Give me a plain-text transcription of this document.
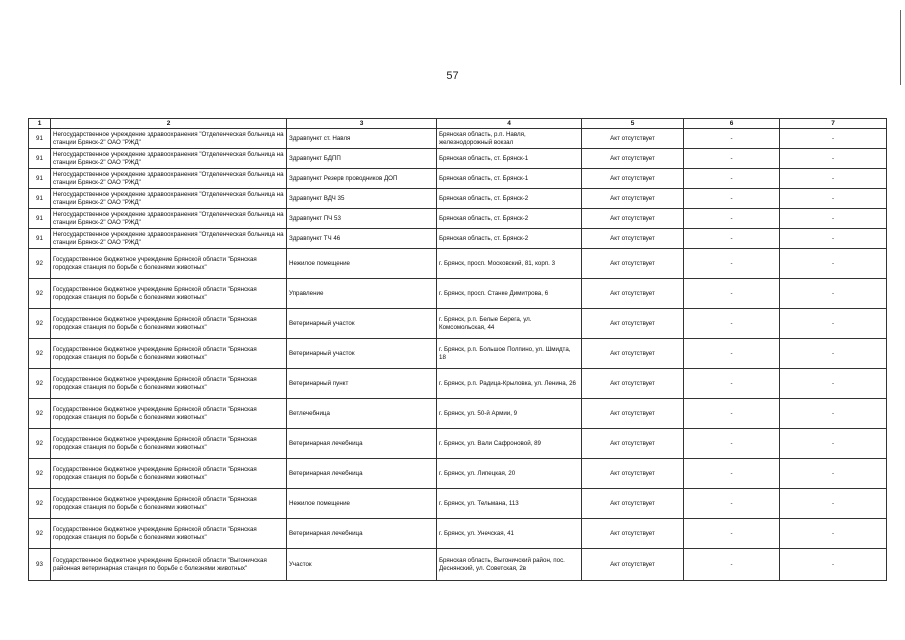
57
1	2	3	4	5	6	7
91	Негосударственное учреждение здравоохранения "Отделенческая больница на станции Брянск-2" ОАО "РЖД"	Здравпункт ст. Навля	Брянская область, р.п. Навля, железнодорожный вокзал	Акт отсутствует	-	-
91	Негосударственное учреждение здравоохранения "Отделенческая больница на станции Брянск-2" ОАО "РЖД"	Здравпункт БДПП	Брянская область, ст. Брянск-1	Акт отсутствует	-	-
91	Негосударственное учреждение здравоохранения "Отделенческая больница на станции Брянск-2" ОАО "РЖД"	Здравпункт Резерв проводников ДОП	Брянская область, ст. Брянск-1	Акт отсутствует	-	-
91	Негосударственное учреждение здравоохранения "Отделенческая больница на станции Брянск-2" ОАО "РЖД"	Здравпункт ВДЧ 35	Брянская область, ст. Брянск-2	Акт отсутствует	-	-
91	Негосударственное учреждение здравоохранения "Отделенческая больница на станции Брянск-2" ОАО "РЖД"	Здравпункт ПЧ 53	Брянская область, ст. Брянск-2	Акт отсутствует	-	-
91	Негосударственное учреждение здравоохранения "Отделенческая больница на станции Брянск-2" ОАО "РЖД"	Здравпункт ТЧ 46	Брянская область, ст. Брянск-2	Акт отсутствует	-	-
92	Государственное бюджетное учреждение Брянской области "Брянская городская станция по борьбе с болезнями животных"	Нежилое помещение	г. Брянск, просп. Московский, 81, корп. 3	Акт отсутствует	-	-
92	Государственное бюджетное учреждение Брянской области "Брянская городская станция по борьбе с болезнями животных"	Управление	г. Брянск, просп. Станке Димитрова, 6	Акт отсутствует	-	-
92	Государственное бюджетное учреждение Брянской области "Брянская городская станция по борьбе с болезнями животных"	Ветеринарный участок	г. Брянск, р.п. Белые Берега, ул. Комсомольская, 44	Акт отсутствует	-	-
92	Государственное бюджетное учреждение Брянской области "Брянская городская станция по борьбе с болезнями животных"	Ветеринарный участок	г. Брянск, р.п. Большое Полпино, ул. Шмидта, 18	Акт отсутствует	-	-
92	Государственное бюджетное учреждение Брянской области "Брянская городская станция по борьбе с болезнями животных"	Ветеринарный пункт	г. Брянск, р.п. Радица-Крыловка, ул. Ленина, 26	Акт отсутствует	-	-
92	Государственное бюджетное учреждение Брянской области "Брянская городская станция по борьбе с болезнями животных"	Ветлечебница	г. Брянск, ул. 50-й Армии, 9	Акт отсутствует	-	-
92	Государственное бюджетное учреждение Брянской области "Брянская городская станция по борьбе с болезнями животных"	Ветеринарная лечебница	г. Брянск, ул. Вали Сафроновой, 89	Акт отсутствует	-	-
92	Государственное бюджетное учреждение Брянской области "Брянская городская станция по борьбе с болезнями животных"	Ветеринарная лечебница	г. Брянск, ул. Липецкая, 20	Акт отсутствует	-	-
92	Государственное бюджетное учреждение Брянской области "Брянская городская станция по борьбе с болезнями животных"	Нежилое помещение	г. Брянск, ул. Тельмана, 113	Акт отсутствует	-	-
92	Государственное бюджетное учреждение Брянской области "Брянская городская станция по борьбе с болезнями животных"	Ветеринарная лечебница	г. Брянск, ул. Унечская, 41	Акт отсутствует	-	-
93	Государственное бюджетное учреждение Брянской области "Выгоничская районная ветеринарная станция по борьбе с болезнями животных"	Участок	Брянская область, Выгоничский район, пос. Деснянский, ул. Советская, 2в	Акт отсутствует	-	-
